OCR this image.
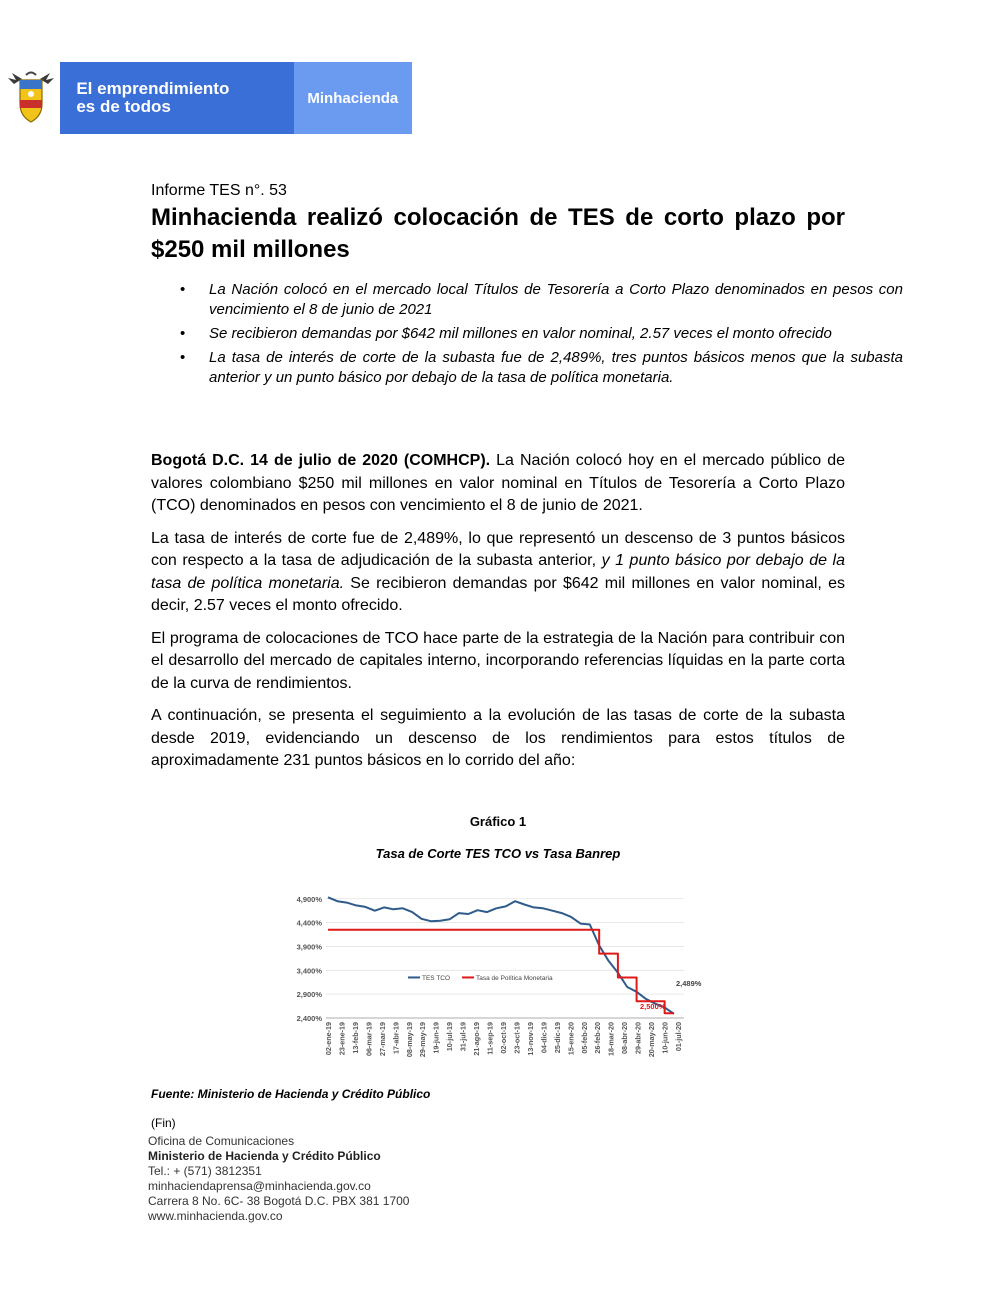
El emprendimiento
es de todos	Minhacienda
Informe TES n°. 53
Minhacienda realizó colocación de TES de corto plazo por $250 mil millones
• La Nación colocó en el mercado local Títulos de Tesorería a Corto Plazo denominados en pesos con vencimiento el 8 de junio de 2021
• Se recibieron demandas por $642 mil millones en valor nominal, 2.57 veces el monto ofrecido
• La tasa de interés de corte de la subasta fue de 2,489%, tres puntos básicos menos que la subasta anterior y un punto básico por debajo de la tasa de política monetaria.

Bogotá D.C. 14 de julio de 2020 (COMHCP). La Nación colocó hoy en el mercado público de valores colombiano $250 mil millones en valor nominal en Títulos de Tesorería a Corto Plazo (TCO) denominados en pesos con vencimiento el 8 de junio de 2021.

La tasa de interés de corte fue de 2,489%, lo que representó un descenso de 3 puntos básicos con respecto a la tasa de adjudicación de la subasta anterior, y 1 punto básico por debajo de la tasa de política monetaria. Se recibieron demandas por $642 mil millones en valor nominal, es decir, 2.57 veces el monto ofrecido.

El programa de colocaciones de TCO hace parte de la estrategia de la Nación para contribuir con el desarrollo del mercado de capitales interno, incorporando referencias líquidas en la parte corta de la curva de rendimientos.

A continuación, se presenta el seguimiento a la evolución de las tasas de corte de la subasta desde 2019, evidenciando un descenso de los rendimientos para estos títulos de aproximadamente 231 puntos básicos en lo corrido del año:

Gráfico 1
Tasa de Corte TES TCO vs Tasa Banrep
4,900%
4,400%
3,900%
3,400%
2,900%
2,400%
02-ene-19 23-ene-19 13-feb-19 06-mar-19 27-mar-19 17-abr-19 08-may-19 29-may-19 19-jun-19 10-jul-19 31-jul-19 21-ago-19 11-sep-19 02-oct-19 23-oct-19 13-nov-19 04-dic-19 25-dic-19 15-ene-20 05-feb-20 26-feb-20 18-mar-20 08-abr-20 29-abr-20 20-may-20 10-jun-20 01-jul-20
2,489%
2,500%
TES TCO	Tasa de Política Monetaria
Fuente: Ministerio de Hacienda y Crédito Público
(Fin)
Oficina de Comunicaciones
Ministerio de Hacienda y Crédito Público
Tel.: + (571) 3812351
minhaciendaprensa@minhacienda.gov.co
Carrera 8 No. 6C- 38 Bogotá D.C. PBX 381 1700
www.minhacienda.gov.co
